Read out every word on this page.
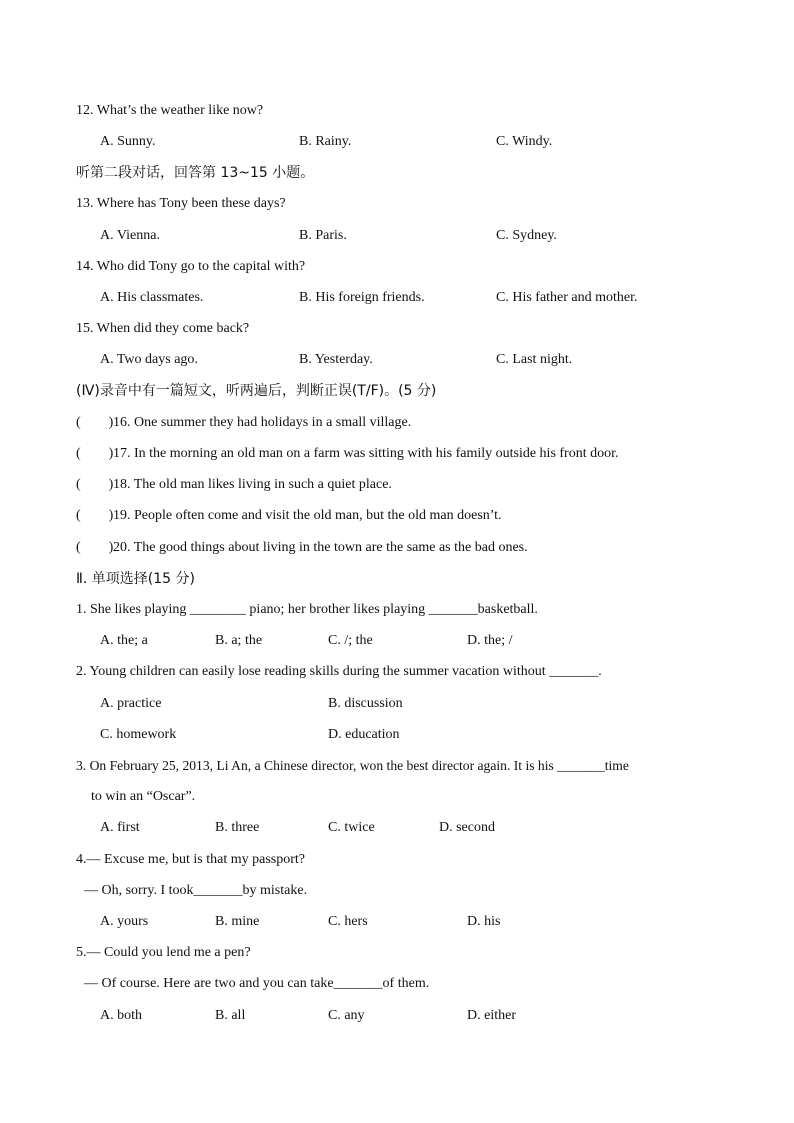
12. What’s the weather like now?
A. Sunny.	B. Rainy.	C. Windy.
听第二段对话，回答第 13~15 小题。
13. Where has Tony been these days?
A. Vienna.	B. Paris.	C. Sydney.
14. Who did Tony go to the capital with?
A. His classmates.	B. His foreign friends.	C. His father and mother.
15. When did they come back?
A. Two days ago.	B. Yesterday.	C. Last night.
(Ⅳ)录音中有一篇短文，听两遍后，判断正误(T/F)。(5 分)
(        ) 16. One summer they had holidays in a small village.
(        ) 17. In the morning an old man on a farm was sitting with his family outside his front door.
(        ) 18. The old man likes living in such a quiet place.
(        ) 19. People often come and visit the old man, but the old man doesn’t.
(        ) 20. The good things about living in the town are the same as the bad ones.
Ⅱ. 单项选择(15 分)
1. She likes playing ________ piano; her brother likes playing _______basketball.
A. the; a	B. a; the	C. /; the	D. the; /
2. Young children can easily lose reading skills during the summer vacation without _______.
A. practice	B. discussion
C. homework	D. education
3. On February 25, 2013, Li An, a Chinese director, won the best director again. It is his _______time
to win an “Oscar”.
A. first	B. three	C. twice	D. second
4.— Excuse me, but is that my passport?
— Oh, sorry. I took_______by mistake.
A. yours	B. mine	C. hers	D. his
5.— Could you lend me a pen?
— Of course. Here are two and you can take_______of them.
A. both	B. all	C. any	D. either
